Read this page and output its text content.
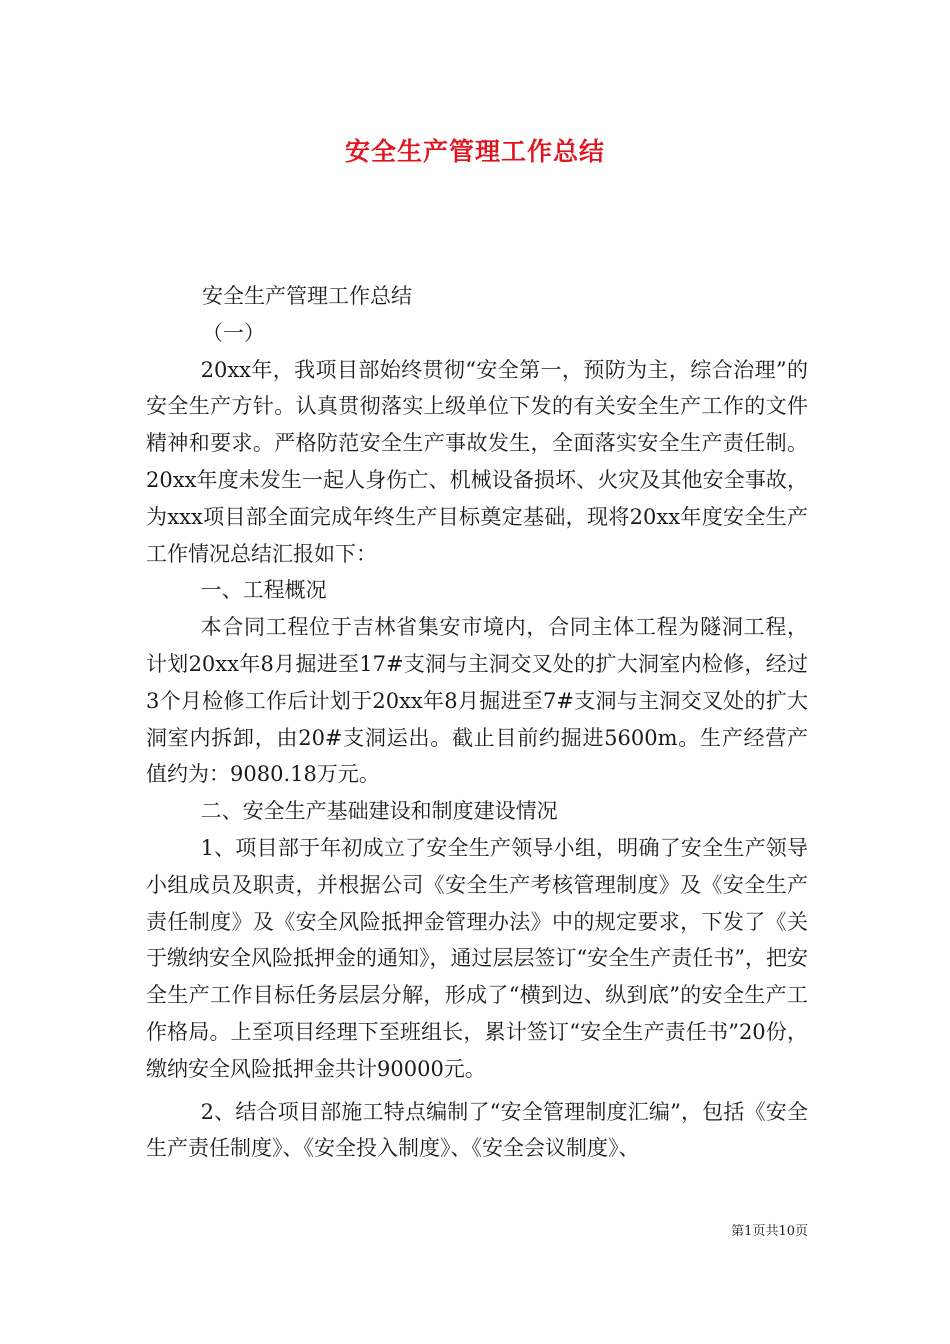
安全生产管理工作总结

安全生产管理工作总结

（一）

20xx年，我项目部始终贯彻“安全第一，预防为主，综合治理”的安全生产方针。认真贯彻落实上级单位下发的有关安全生产工作的文件精神和要求。严格防范安全生产事故发生，全面落实安全生产责任制。20xx年度未发生一起人身伤亡、机械设备损坏、火灾及其他安全事故，为xxx项目部全面完成年终生产目标奠定基础，现将20xx年度安全生产工作情况总结汇报如下：

一、工程概况

本合同工程位于吉林省集安市境内，合同主体工程为隧洞工程，计划20xx年8月掘进至17#支洞与主洞交叉处的扩大洞室内检修，经过3个月检修工作后计划于20xx年8月掘进至7#支洞与主洞交叉处的扩大洞室内拆卸，由20#支洞运出。截止目前约掘进5600m。生产经营产值约为：9080.18万元。

二、安全生产基础建设和制度建设情况

1、项目部于年初成立了安全生产领导小组，明确了安全生产领导小组成员及职责，并根据公司《安全生产考核管理制度》及《安全生产责任制度》及《安全风险抵押金管理办法》中的规定要求，下发了《关于缴纳安全风险抵押金的通知》，通过层层签订“安全生产责任书”，把安全生产工作目标任务层层分解，形成了“横到边、纵到底”的安全生产工作格局。上至项目经理下至班组长，累计签订“安全生产责任书”20份，缴纳安全风险抵押金共计90000元。

2、结合项目部施工特点编制了“安全管理制度汇编”，包括《安全生产责任制度》、《安全投入制度》、《安全会议制度》、

第1页共10页
